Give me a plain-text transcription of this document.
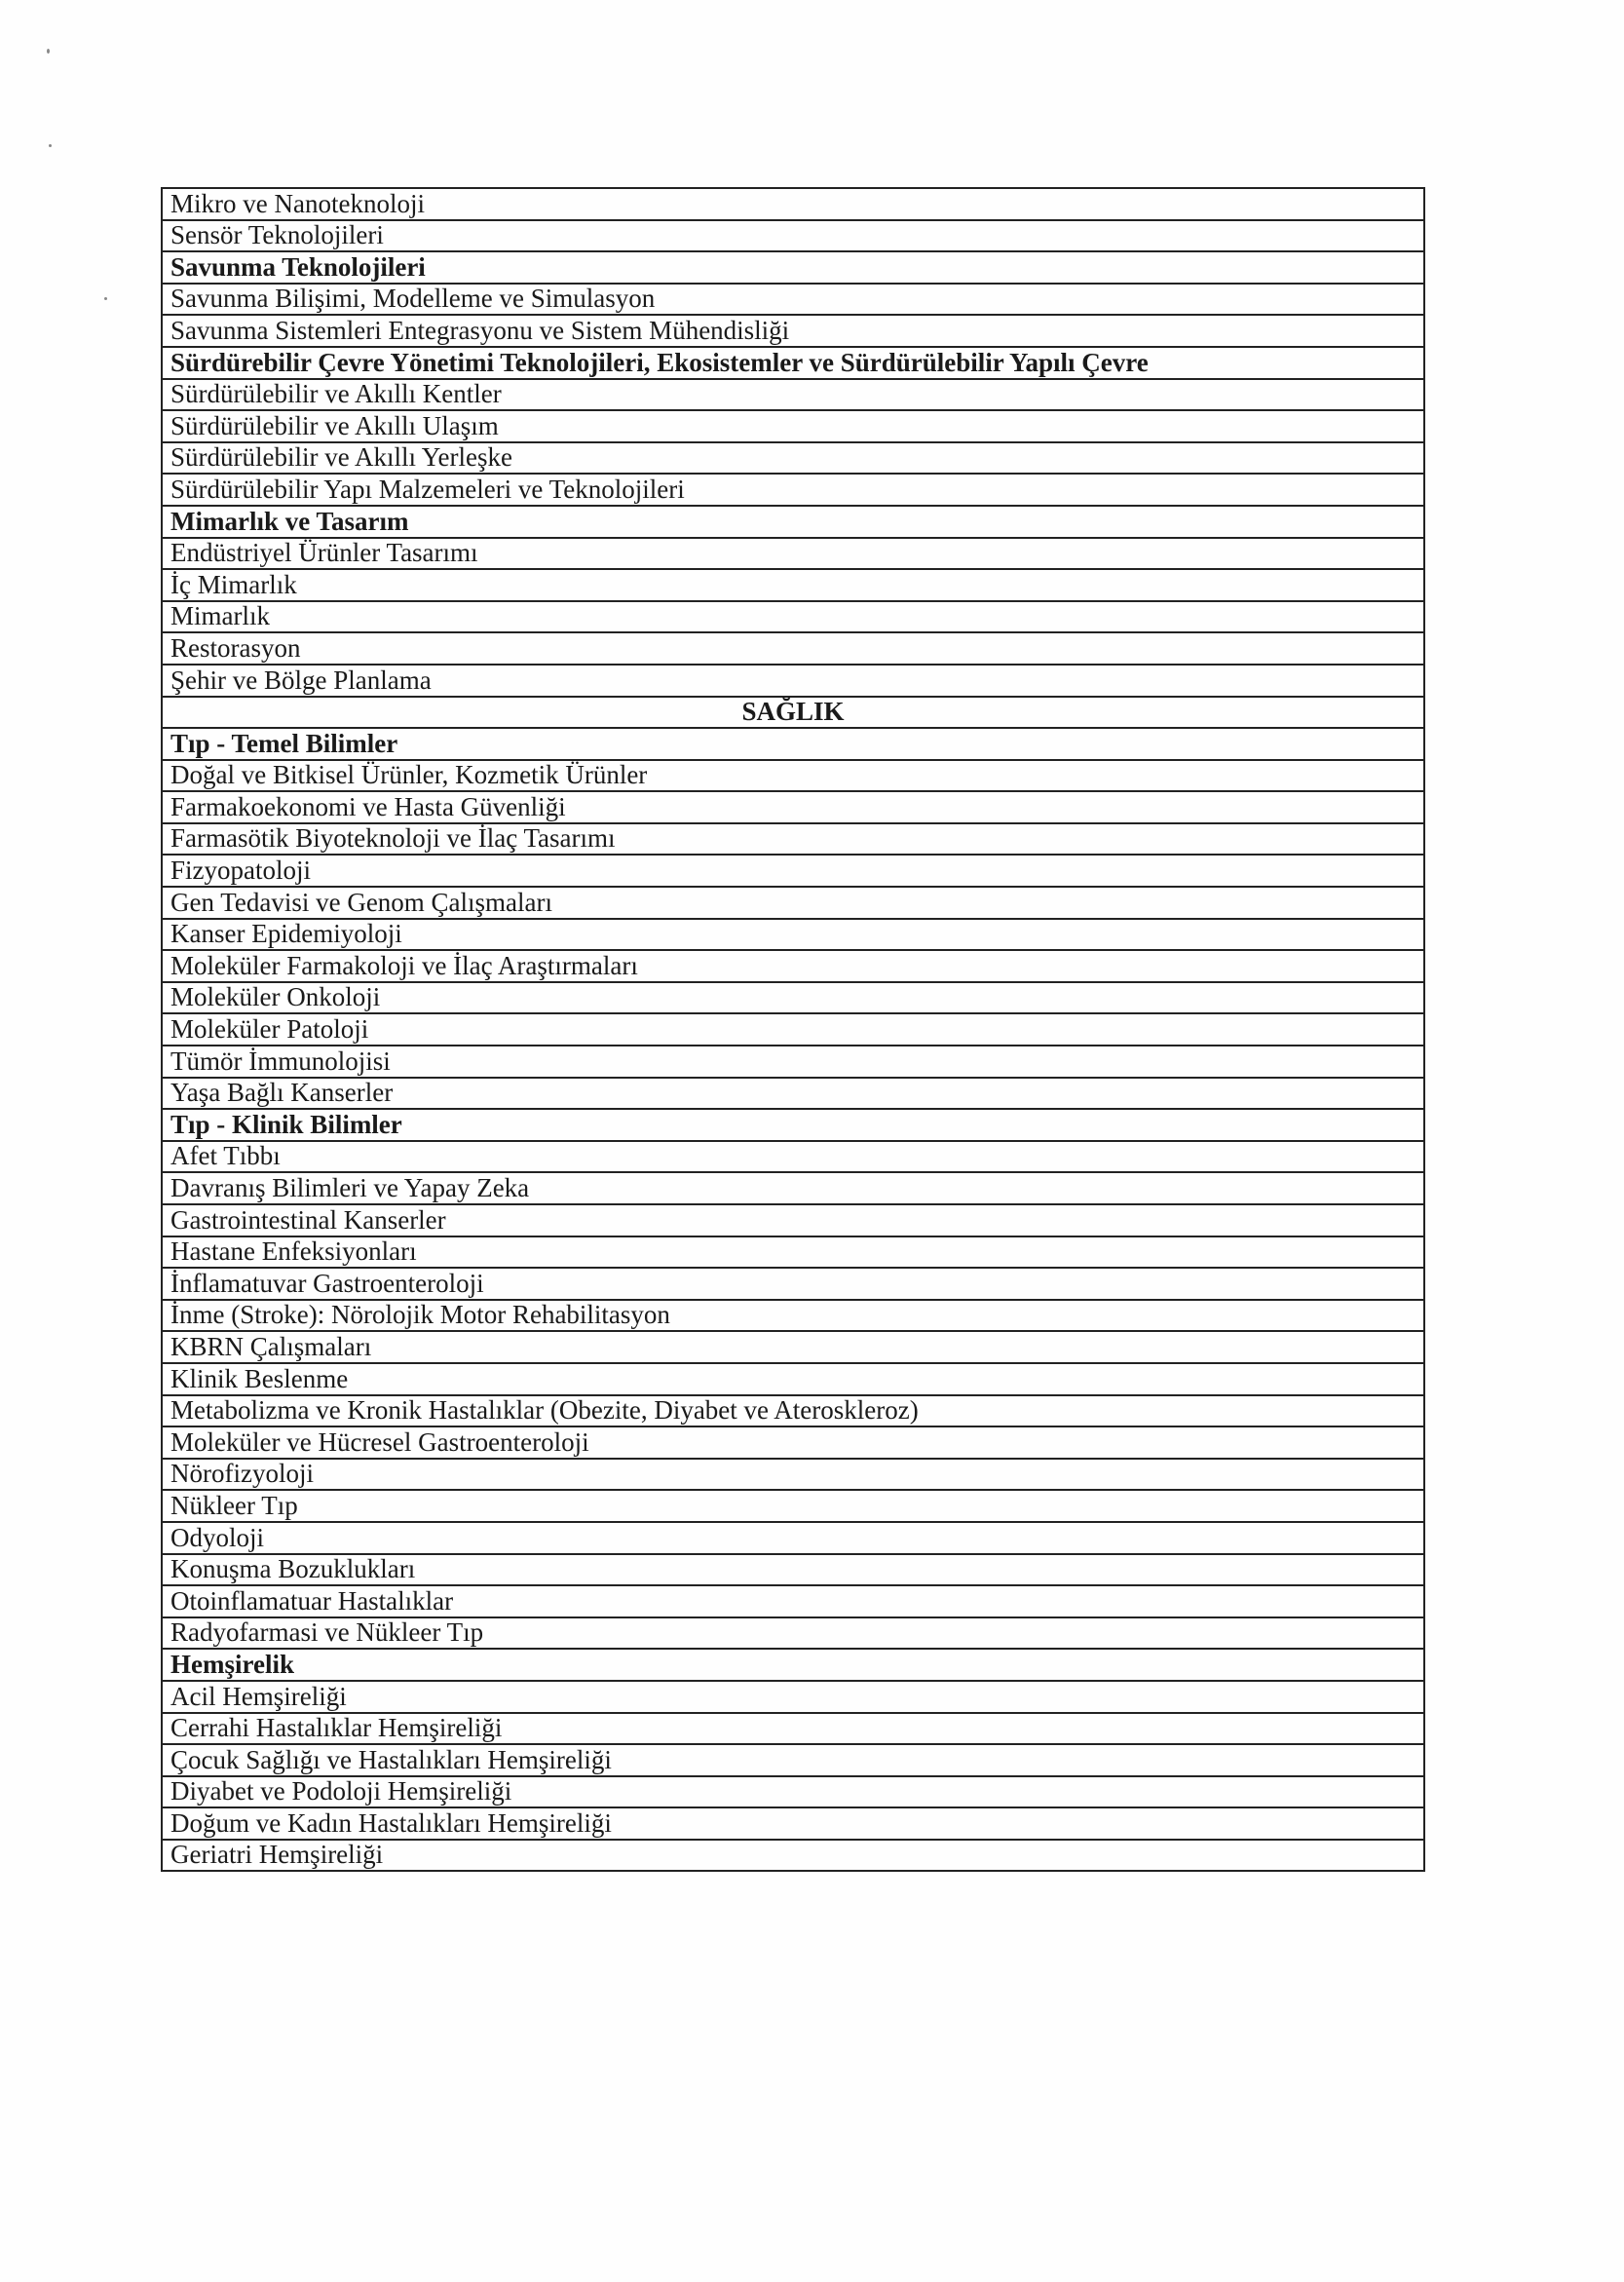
Mikro ve Nanoteknoloji
Sensör Teknolojileri
Savunma Teknolojileri
Savunma Bilişimi, Modelleme ve Simulasyon
Savunma Sistemleri Entegrasyonu ve Sistem Mühendisliği
Sürdürebilir Çevre Yönetimi Teknolojileri, Ekosistemler ve Sürdürülebilir Yapılı Çevre
Sürdürülebilir ve Akıllı Kentler
Sürdürülebilir ve Akıllı Ulaşım
Sürdürülebilir ve Akıllı Yerleşke
Sürdürülebilir Yapı Malzemeleri ve Teknolojileri
Mimarlık ve Tasarım
Endüstriyel Ürünler Tasarımı
İç Mimarlık
Mimarlık
Restorasyon
Şehir ve Bölge Planlama
SAĞLIK
Tıp - Temel Bilimler
Doğal ve Bitkisel Ürünler, Kozmetik Ürünler
Farmakoekonomi ve Hasta Güvenliği
Farmasötik Biyoteknoloji ve İlaç Tasarımı
Fizyopatoloji
Gen Tedavisi ve Genom Çalışmaları
Kanser Epidemiyoloji
Moleküler Farmakoloji ve İlaç Araştırmaları
Moleküler Onkoloji
Moleküler Patoloji
Tümör İmmunolojisi
Yaşa Bağlı Kanserler
Tıp - Klinik Bilimler
Afet Tıbbı
Davranış Bilimleri ve Yapay Zeka
Gastrointestinal Kanserler
Hastane Enfeksiyonları
İnflamatuvar Gastroenteroloji
İnme (Stroke): Nörolojik Motor Rehabilitasyon
KBRN Çalışmaları
Klinik Beslenme
Metabolizma ve Kronik Hastalıklar (Obezite, Diyabet ve Ateroskleroz)
Moleküler ve Hücresel Gastroenteroloji
Nörofizyoloji
Nükleer Tıp
Odyoloji
Konuşma Bozuklukları
Otoinflamatuar Hastalıklar
Radyofarmasi ve Nükleer Tıp
Hemşirelik
Acil Hemşireliği
Cerrahi Hastalıklar Hemşireliği
Çocuk Sağlığı ve Hastalıkları Hemşireliği
Diyabet ve Podoloji Hemşireliği
Doğum ve Kadın Hastalıkları Hemşireliği
Geriatri Hemşireliği
